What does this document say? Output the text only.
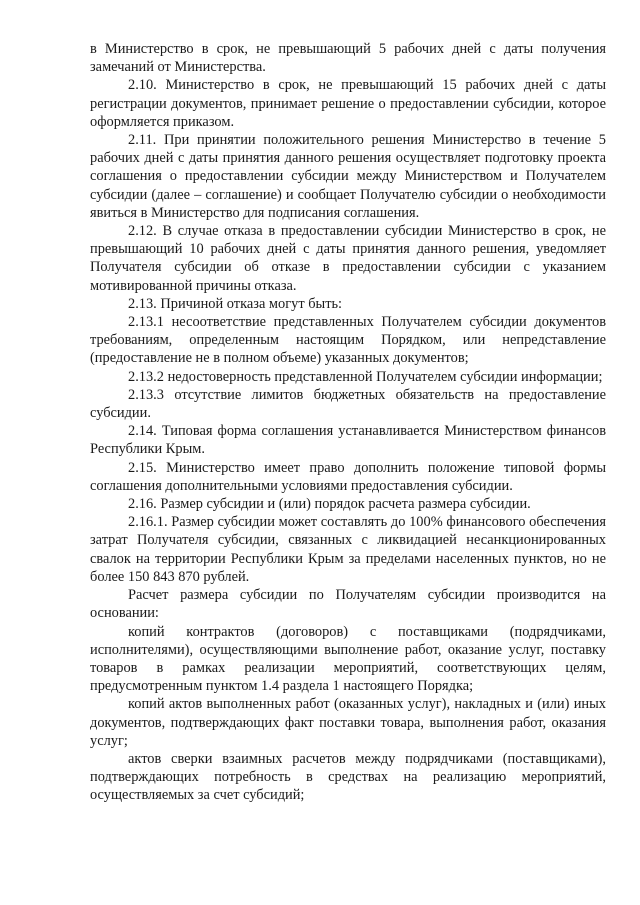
в Министерство в срок, не превышающий 5 рабочих дней с даты получения замечаний от Министерства.

2.10. Министерство в срок, не превышающий 15 рабочих дней с даты регистрации документов, принимает решение о предоставлении субсидии, которое оформляется приказом.

2.11. При принятии положительного решения Министерство в течение 5 рабочих дней с даты принятия данного решения осуществляет подготовку проекта соглашения о предоставлении субсидии между Министерством и Получателем субсидии (далее – соглашение) и сообщает Получателю субсидии о необходимости явиться в Министерство для подписания соглашения.

2.12. В случае отказа в предоставлении субсидии Министерство в срок, не превышающий 10 рабочих дней с даты принятия данного решения, уведомляет Получателя субсидии об отказе в предоставлении субсидии с указанием мотивированной причины отказа.

2.13. Причиной отказа могут быть:

2.13.1 несоответствие представленных Получателем субсидии документов требованиям, определенным настоящим Порядком, или непредставление (предоставление не в полном объеме) указанных документов;

2.13.2 недостоверность представленной Получателем субсидии информации;

2.13.3 отсутствие лимитов бюджетных обязательств на предоставление субсидии.

2.14. Типовая форма соглашения устанавливается Министерством финансов Республики Крым.

2.15. Министерство имеет право дополнить положение типовой формы соглашения дополнительными условиями предоставления субсидии.

2.16. Размер субсидии и (или) порядок расчета размера субсидии.

2.16.1. Размер субсидии может составлять до 100% финансового обеспечения затрат Получателя субсидии, связанных с ликвидацией несанкционированных свалок на территории Республики Крым за пределами населенных пунктов, но не более 150 843 870 рублей.

Расчет размера субсидии по Получателям субсидии производится на основании:

копий контрактов (договоров) с поставщиками (подрядчиками, исполнителями), осуществляющими выполнение работ, оказание услуг, поставку товаров в рамках реализации мероприятий, соответствующих целям, предусмотренным пунктом 1.4 раздела 1 настоящего Порядка;

копий актов выполненных работ (оказанных услуг), накладных и (или) иных документов, подтверждающих факт поставки товара, выполнения работ, оказания услуг;

актов сверки взаимных расчетов между подрядчиками (поставщиками), подтверждающих потребность в средствах на реализацию мероприятий, осуществляемых за счет субсидий;
